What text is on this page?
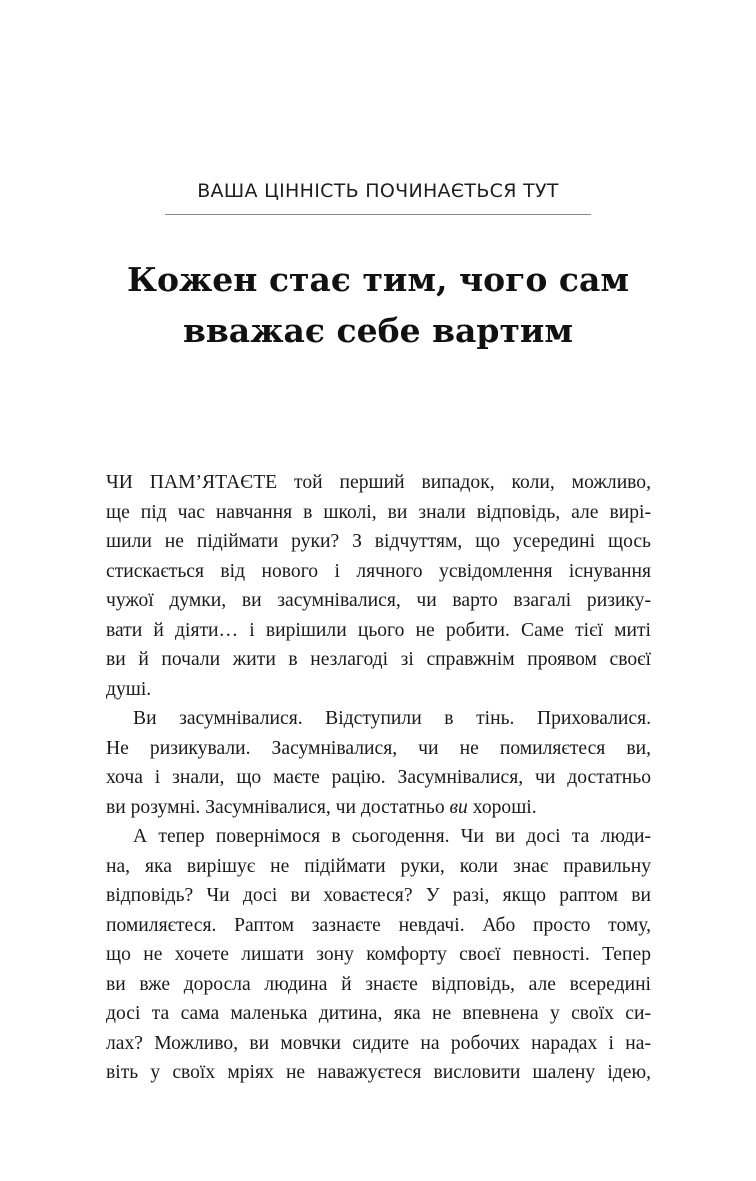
ВАША ЦІННІСТЬ ПОЧИНАЄТЬСЯ ТУТ
Кожен стає тим, чого сам
вважає себе вартим

ЧИ ПАМ’ЯТАЄТЕ той перший випадок, коли, можливо,
ще під час навчання в школі, ви знали відповідь, але вирі-
шили не підіймати руки? З відчуттям, що усередині щось
стискається від нового і лячного усвідомлення існування
чужої думки, ви засумнівалися, чи варто взагалі ризику-
вати й діяти… і вирішили цього не робити. Саме тієї миті
ви й почали жити в незлагоді зі справжнім проявом своєї
душі.

Ви засумнівалися. Відступили в тінь. Приховалися.
Не ризикували. Засумнівалися, чи не помиляєтеся ви,
хоча і знали, що маєте рацію. Засумнівалися, чи достатньо
ви розумні. Засумнівалися, чи достатньо ви хороші.

А тепер повернімося в сьогодення. Чи ви досі та люди-
на, яка вирішує не підіймати руки, коли знає правильну
відповідь? Чи досі ви ховаєтеся? У разі, якщо раптом ви
помиляєтеся. Раптом зазнаєте невдачі. Або просто тому,
що не хочете лишати зону комфорту своєї певності. Тепер
ви вже доросла людина й знаєте відповідь, але всередині
досі та сама маленька дитина, яка не впевнена у своїх си-
лах? Можливо, ви мовчки сидите на робочих нарадах і на-
віть у своїх мріях не наважуєтеся висловити шалену ідею,
